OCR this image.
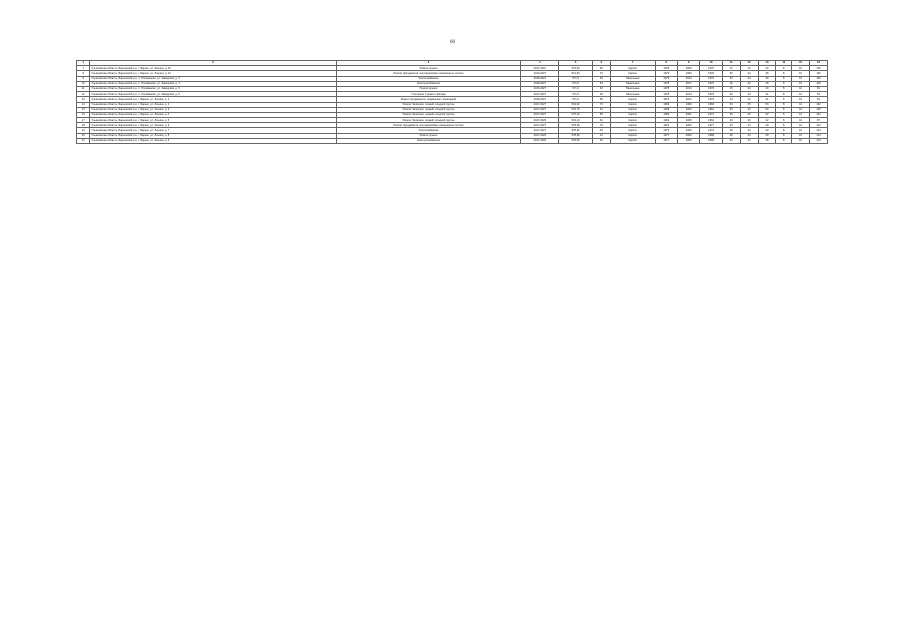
66
1	2	3	4	5	6	7	8	9	10	11	12	13	14	15	16
7	Ульяновская область, Барышский р-н, г. Барыш, ул. Ленина, д. 19	Ремонт крыши	2017-2021	574,63	69	Кирпич	1978	2009	1975	70	13	20	8	10	135
8	Ульяновская область, Барышский р-н, г. Барыш, ул. Ленина, д. 24	Ремонт фундамента, внутридомовых инженерных систем	2019-2027	514,60	70	Кирпич	1979	1990	1978	60	24	28	8	10	135
9	Ульяновская область, Барышский р-н, п. Поливаново, ул. Заводская, д. 3	Теплоснабжение	2018-2021	571,6	63	Панельные	1979	2014	1979	64	24	30	8	10	100
10	Ульяновская область, Барышский р-н, п. Поливаново, ул. Заводская, д. 4	Электроснабжение	2018-2027	571,6	63	Панельные	1979	2017	1979	40	23	29	8	10	100
11	Ульяновская область, Барышский р-н, п. Поливаново, ул. Заводская, д. 5	Ремонт крыши	2016-2027	571,6	62	Панельные	1978	2014	1979	15	23	29	8	10	81
12	Ульяновская область, Барышский р-н, п. Поливаново, ул. Заводская, д. 6	Утепление и ремонт фасада	2017-2027	571,6	63	Панельные	1975	2014	1979	16	24	31	8	10	81
13	Ульяновская область, Барышский р-н, г. Барыш, ул. Ленина, д. 1	Ремонт фундамента, подвальных помещений	2018-2027	571,6	65	Кирпич	1974	2014	1979	13	24	31	8	10	81
14	Ульяновская область, Барышский р-н, г. Барыш, ул. Ленина, д. 2	Ремонт балконов, лоджий, входной группы	2017-2027	564,02	70	Кирпич	1969	1999	1968	64	45	50	8	10	102
15	Ульяновская область, Барышский р-н, г. Барыш, ул. Ленина, д. 3	Ремонт балконов, лоджий, входной группы	2017-2027	575,76	61	Кирпич	1969	2000	1954	60	40	50	8	10	135
16	Ульяновская область, Барышский р-н, г. Барыш, ул. Ленина, д. 4	Ремонт балконов, лоджий, входной группы	2017-2027	576,20	65	Кирпич	1969	2001	1972	36	40	52	8	10	101
17	Ульяновская область, Барышский р-н, г. Барыш, ул. Ленина, д. 5	Ремонт балконов, лоджий, входной группы	2017-2029	523,14	61	Кирпич	1962	2008	1962	40	40	22	8	10	87
18	Ульяновская область, Барышский р-н, г. Барыш, ул. Ленина, д. 6	Ремонт фундамента, внутридомовых инженерных систем	2017-2027	578,36	70	Кирпич	1972	2006	1977	20	24	29	8	10	114
19	Ульяновская область, Барышский р-н, г. Барыш, ул. Ленина, д. 7	Теплоснабжение	2017-2027	578,36	45	Кирпич	1972	2000	1973	48	24	29	8	10	114
20	Ульяновская область, Барышский р-н, г. Барыш, ул. Ленина, д. 8	Ремонт крыши	2017-2029	578,36	31	Кирпич	1977	2006	1968	20	24	29	8	10	114
21	Ульяновская область, Барышский р-н, г. Барыш, ул. Ленина, д. 9	Электроснабжение	2017-2029	578,36	40	Кирпич	1977	2006	1968	20	24	28	8	10	114
